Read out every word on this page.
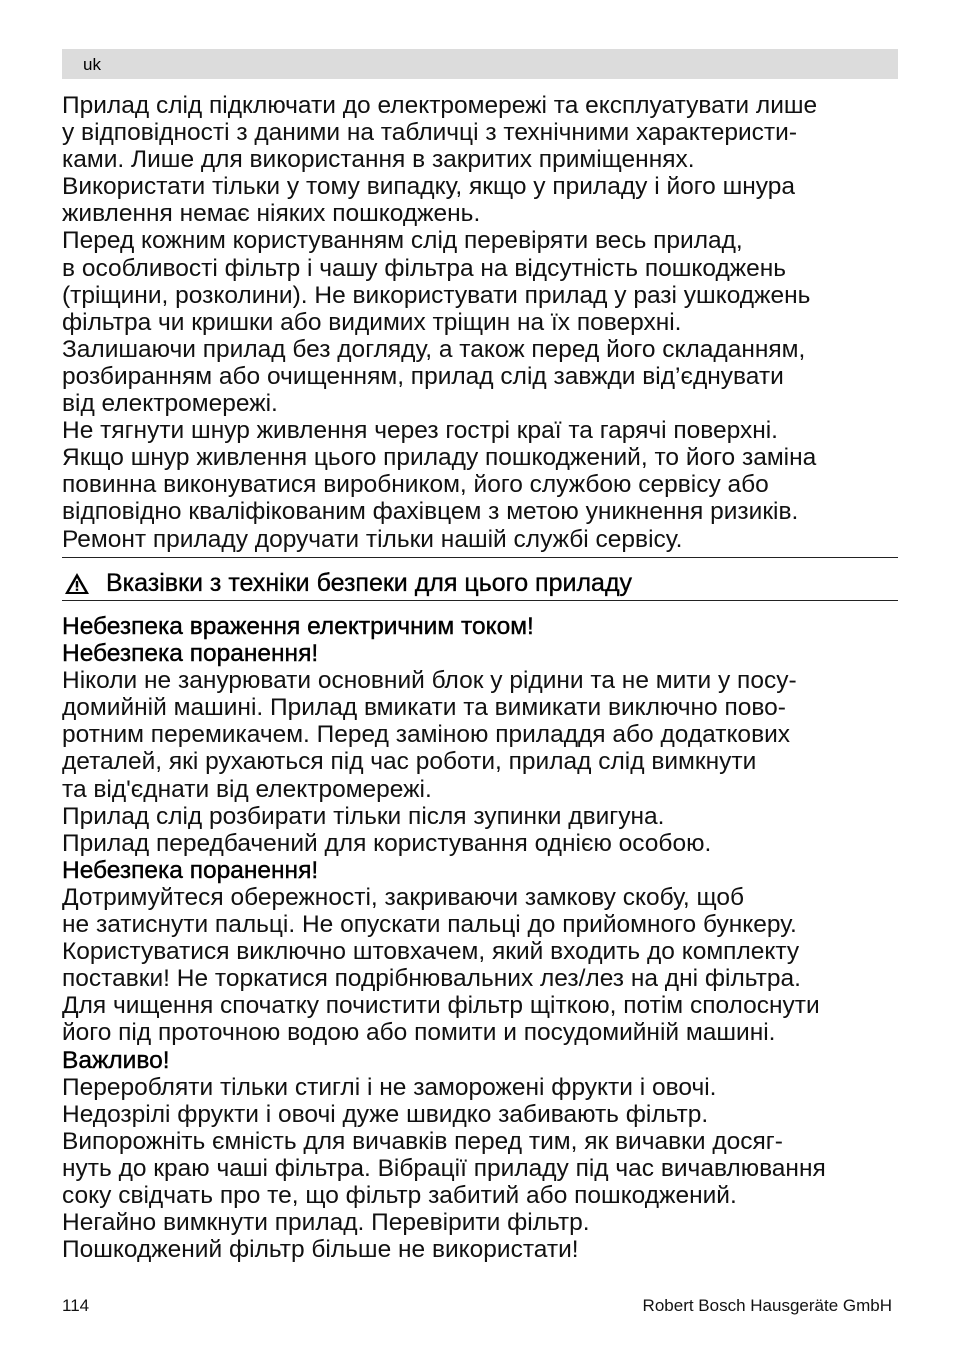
uk
Прилад слід підключати до електромережі та експлуатувати лише
у відповідності з даними на табличці з технічними характеристи-
ками. Лише для використання в закритих приміщеннях.
Використати тільки у тому випадку, якщо у приладу і його шнура
живлення немає ніяких пошкоджень.
Перед кожним користуванням слід перевіряти весь прилад,
в особливості фільтр і чашу фільтра на відсутність пошкоджень
(тріщини, розколини). Не використувати прилад у разі ушкоджень
фільтра чи кришки або видимих тріщин на їх поверхні.
Залишаючи прилад без догляду, а також перед його складанням,
розбиранням або очищенням, прилад слід завжди від’єднувати
від електромережі.
Не тягнути шнур живлення через гострі краї та гарячі поверхні.
Якщо шнур живлення цього приладу пошкоджений, то його заміна
повинна виконуватися виробником, його службою сервісу або
відповідно кваліфікованим фахівцем з метою уникнення ризиків.
Ремонт приладу доручати тільки нашій службі сервісу.
Вказівки з техніки безпеки для цього приладу
Небезпека враження електричним током!
Небезпека поранення!
Ніколи не занурювати основний блок у рідини та не мити у посу-
домийній машині. Прилад вмикати та вимикати виключно пово-
ротним перемикачем. Перед заміною приладдя або додаткових
деталей, які рухаються під час роботи, прилад слід вимкнути
та від'єднати від електромережі.
Прилад слід розбирати тільки після зупинки двигуна.
Прилад передбачений для користування однією особою.
Небезпека поранення!
Дотримуйтеся обережності, закриваючи замкову скобу, щоб
не затиснути пальці. Не опускати пальці до прийомного бункеру.
Користуватися виключно штовхачем, який входить до комплекту
поставки! Не торкатися подрібнювальних лез/лез на дні фільтра.
Для чищення спочатку почистити фільтр щіткою, потім сполоснути
його під проточною водою або помити и посудомийній машині.
Важливо!
Переробляти тільки стиглі і не заморожені фрукти і овочі.
Недозрілі фрукти і овочі дуже швидко забивають фільтр.
Випорожніть ємність для вичавків перед тим, як вичавки досяг-
нуть до краю чаші фільтра. Вібрації приладу під час вичавлювання
соку свідчать про те, що фільтр забитий або пошкоджений.
Негайно вимкнути прилад. Перевірити фільтр.
Пошкоджений фільтр більше не використати!
114	Robert Bosch Hausgeräte GmbH
